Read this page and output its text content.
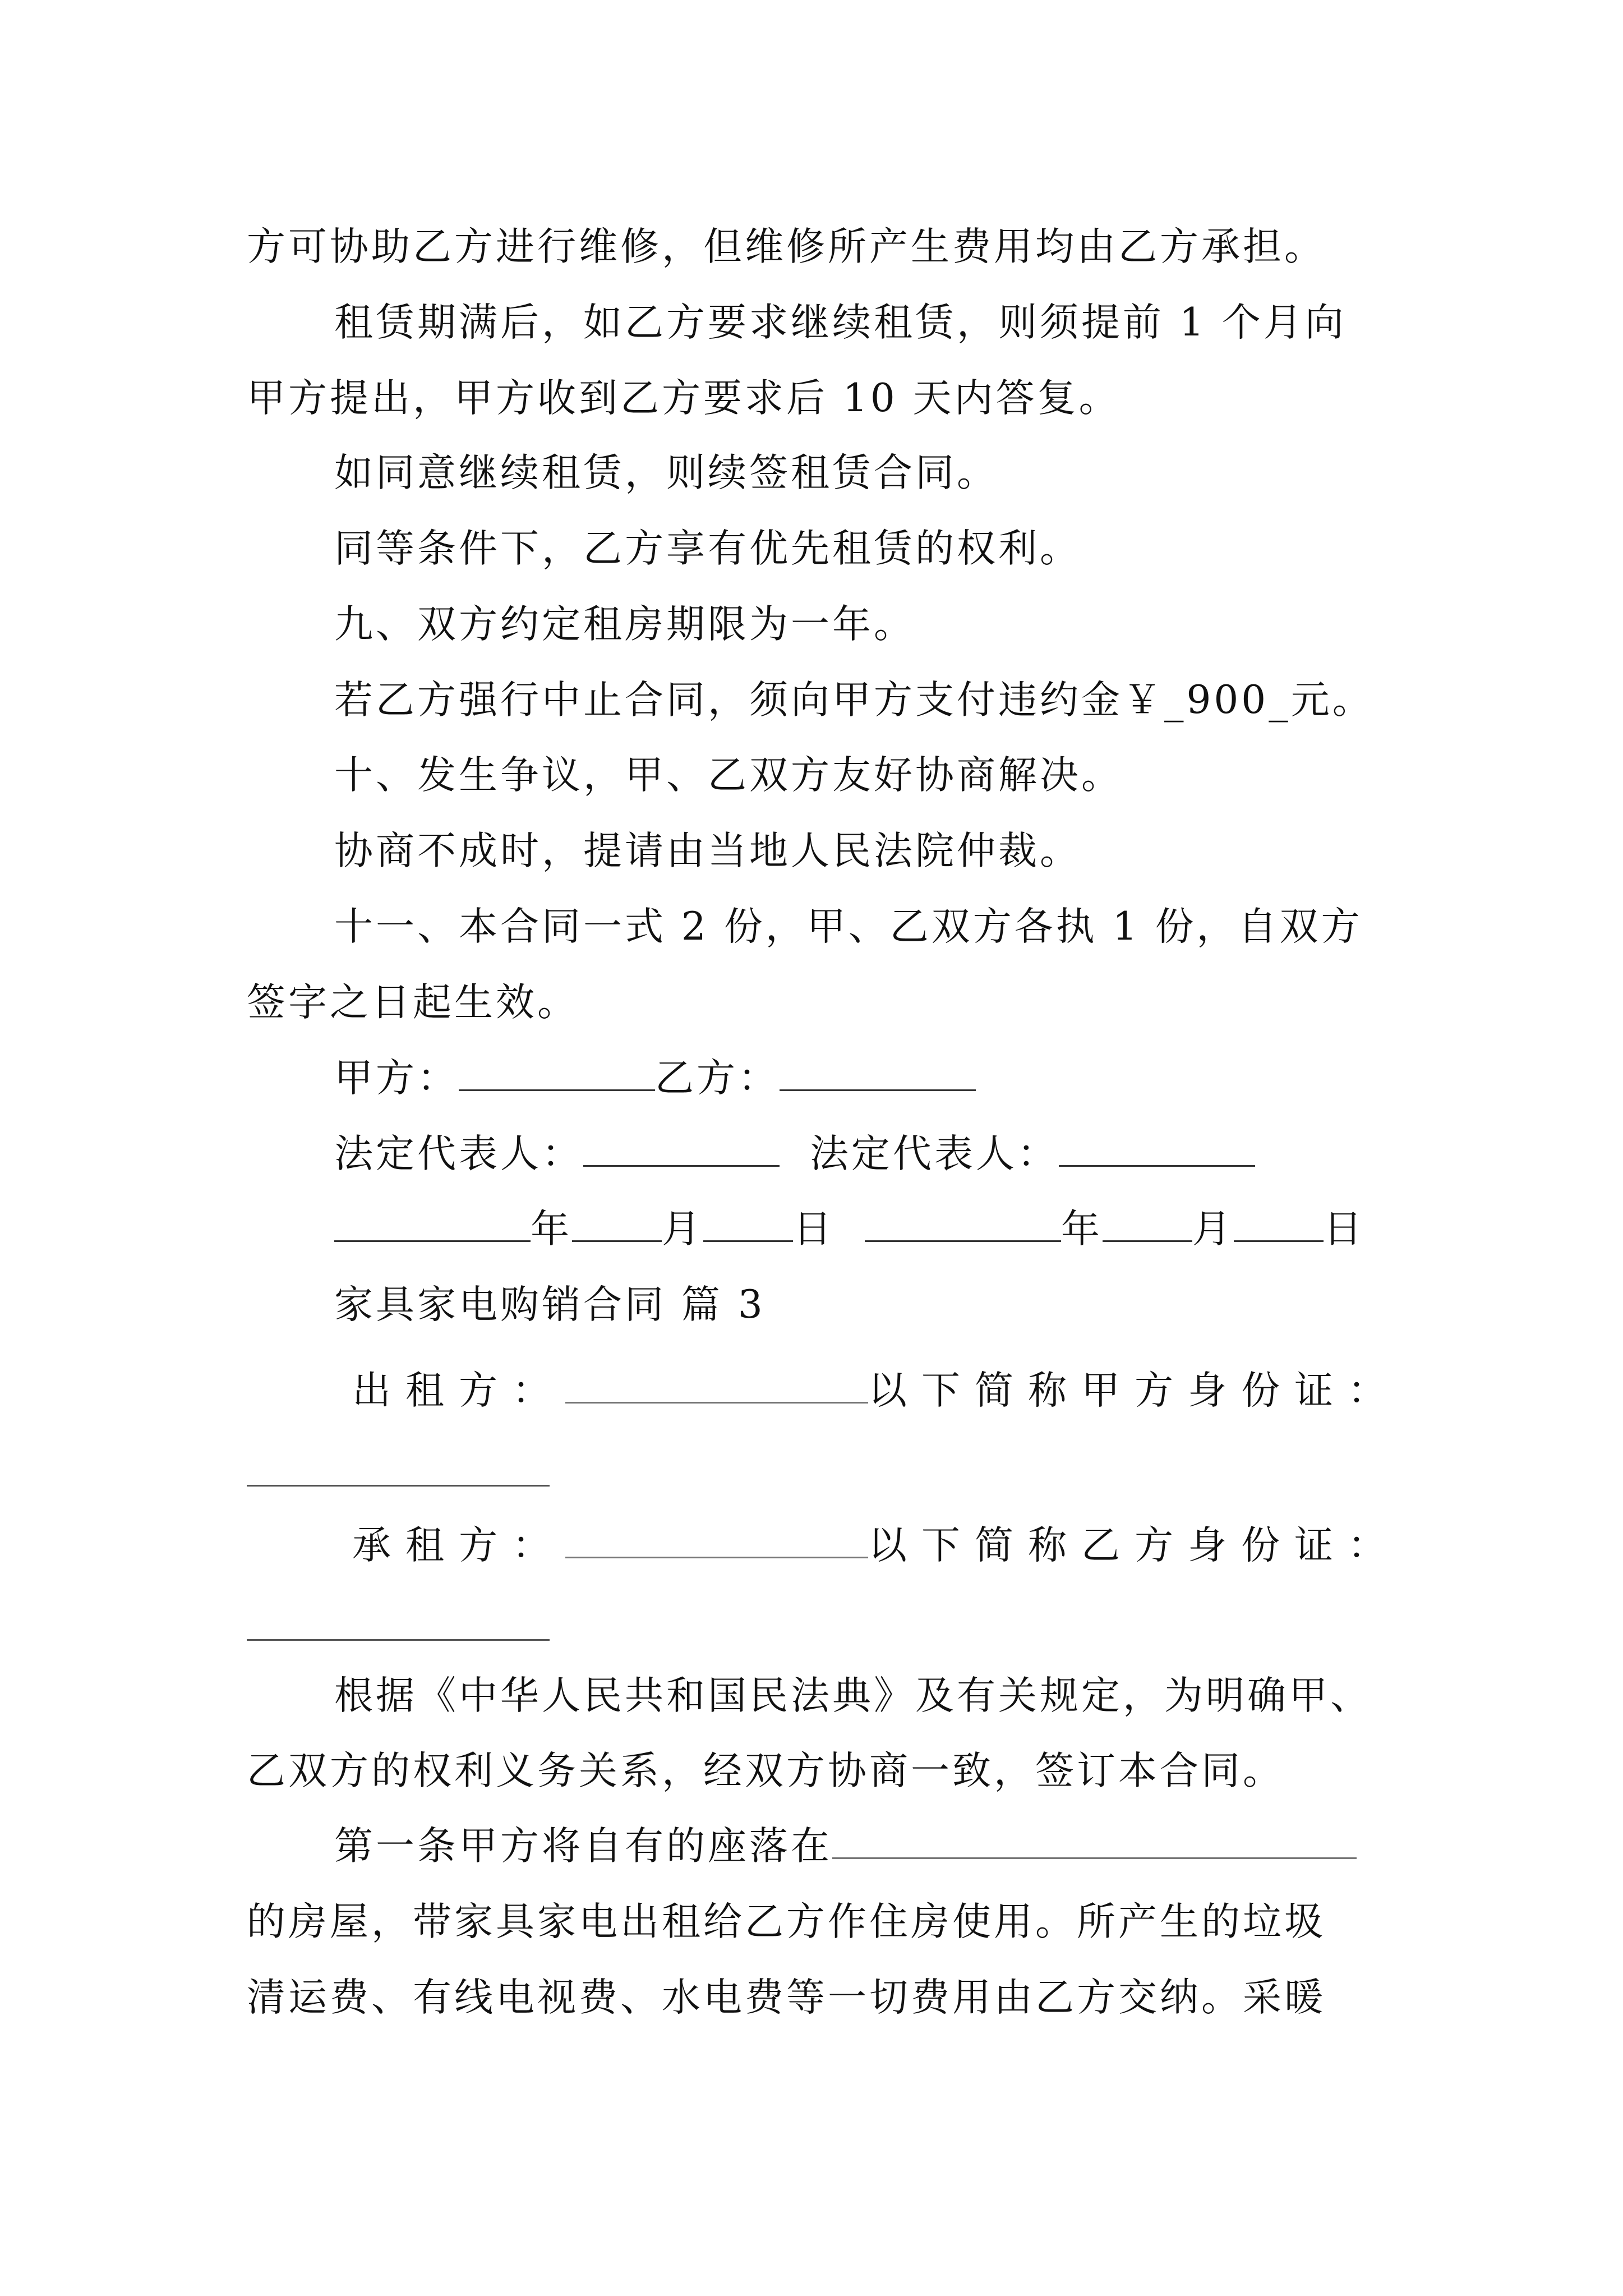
方可协助乙方进行维修，但维修所产生费用均由乙方承担。
租赁期满后，如乙方要求继续租赁，则须提前 1 个月向
甲方提出，甲方收到乙方要求后 10 天内答复。
如同意继续租赁，则续签租赁合同。
同等条件下，乙方享有优先租赁的权利。
九、双方约定租房期限为一年。
若乙方强行中止合同，须向甲方支付违约金￥_900_元。
十、发生争议，甲、乙双方友好协商解决。
协商不成时，提请由当地人民法院仲裁。
十一、本合同一式 2 份，甲、乙双方各执 1 份，自双方
签字之日起生效。
甲方：	乙方：
法定代表人：	法定代表人：
年 月 日	年 月 日
家具家电购销合同 篇 3
出租方：	以下简称甲方身份证：
承租方：	以下简称乙方身份证：
根据《中华人民共和国民法典》及有关规定，为明确甲、
乙双方的权利义务关系，经双方协商一致，签订本合同。
第一条甲方将自有的座落在
的房屋，带家具家电出租给乙方作住房使用。所产生的垃圾
清运费、有线电视费、水电费等一切费用由乙方交纳。采暖
